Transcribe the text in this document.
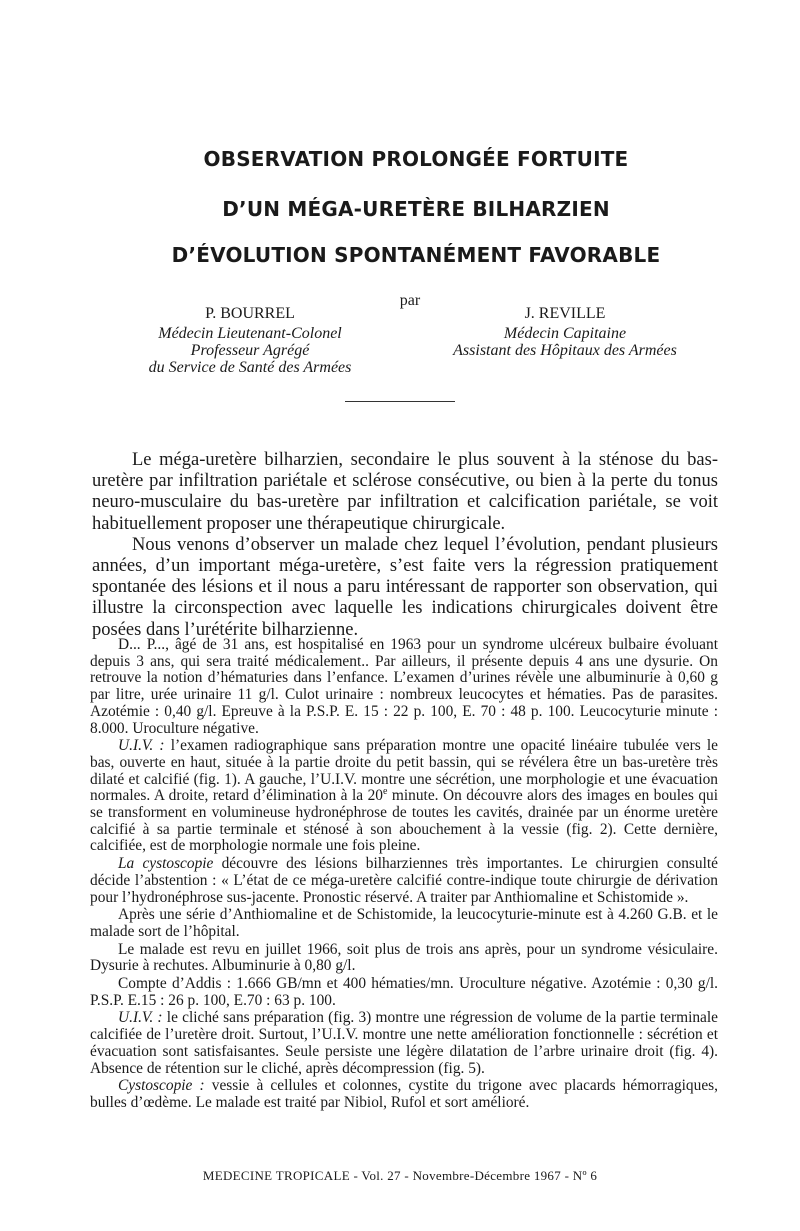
OBSERVATION PROLONGÉE FORTUITE
D’UN MÉGA-URETÈRE BILHARZIEN
D’ÉVOLUTION SPONTANÉMENT FAVORABLE
par
P. BOURREL
Médecin Lieutenant-Colonel
Professeur Agrégé
du Service de Santé des Armées
J. REVILLE
Médecin Capitaine
Assistant des Hôpitaux des Armées

Le méga-uretère bilharzien, secondaire le plus souvent à la sténose du bas-uretère par infiltration pariétale et sclérose consécutive, ou bien à la perte du tonus neuro-musculaire du bas-uretère par infiltration et calcification pariétale, se voit habituellement proposer une thérapeutique chirurgicale.

Nous venons d’observer un malade chez lequel l’évolution, pendant plusieurs années, d’un important méga-uretère, s’est faite vers la régression pratiquement spontanée des lésions et il nous a paru intéressant de rapporter son observation, qui illustre la circonspection avec laquelle les indications chirurgicales doivent être posées dans l’urétérite bilharzienne.

D... P..., âgé de 31 ans, est hospitalisé en 1963 pour un syndrome ulcéreux bulbaire évoluant depuis 3 ans, qui sera traité médicalement.. Par ailleurs, il présente depuis 4 ans une dysurie. On retrouve la notion d’hématuries dans l’enfance. L’examen d’urines révèle une albuminurie à 0,60 g par litre, urée urinaire 11 g/l. Culot urinaire : nombreux leucocytes et hématies. Pas de parasites. Azotémie : 0,40 g/l. Epreuve à la P.S.P. E. 15 : 22 p. 100, E. 70 : 48 p. 100. Leucocyturie minute : 8.000. Uroculture négative.

U.I.V. : l’examen radiographique sans préparation montre une opacité linéaire tubulée vers le bas, ouverte en haut, située à la partie droite du petit bassin, qui se révélera être un bas-uretère très dilaté et calcifié (fig. 1). A gauche, l’U.I.V. montre une sécrétion, une morphologie et une évacuation normales. A droite, retard d’élimination à la 20e minute. On découvre alors des images en boules qui se transforment en volumineuse hydronéphrose de toutes les cavités, drainée par un énorme uretère calcifié à sa partie terminale et sténosé à son abouchement à la vessie (fig. 2). Cette dernière, calcifiée, est de morphologie normale une fois pleine.

La cystoscopie découvre des lésions bilharziennes très importantes. Le chirurgien consulté décide l’abstention : « L’état de ce méga-uretère calcifié contre-indique toute chirurgie de dérivation pour l’hydronéphrose sus-jacente. Pronostic réservé. A traiter par Anthiomaline et Schistomide ».

Après une série d’Anthiomaline et de Schistomide, la leucocyturie-minute est à 4.260 G.B. et le malade sort de l’hôpital.

Le malade est revu en juillet 1966, soit plus de trois ans après, pour un syndrome vésiculaire. Dysurie à rechutes. Albuminurie à 0,80 g/l.

Compte d’Addis : 1.666 GB/mn et 400 hématies/mn. Uroculture négative. Azotémie : 0,30 g/l. P.S.P. E.15 : 26 p. 100, E.70 : 63 p. 100.

U.I.V. : le cliché sans préparation (fig. 3) montre une régression de volume de la partie terminale calcifiée de l’uretère droit. Surtout, l’U.I.V. montre une nette amélioration fonctionnelle : sécrétion et évacuation sont satisfaisantes. Seule persiste une légère dilatation de l’arbre urinaire droit (fig. 4). Absence de rétention sur le cliché, après décompression (fig. 5).

Cystoscopie : vessie à cellules et colonnes, cystite du trigone avec placards hémorragiques, bulles d’œdème. Le malade est traité par Nibiol, Rufol et sort amélioré.

MEDECINE TROPICALE - Vol. 27 - Novembre-Décembre 1967 - Nº 6
